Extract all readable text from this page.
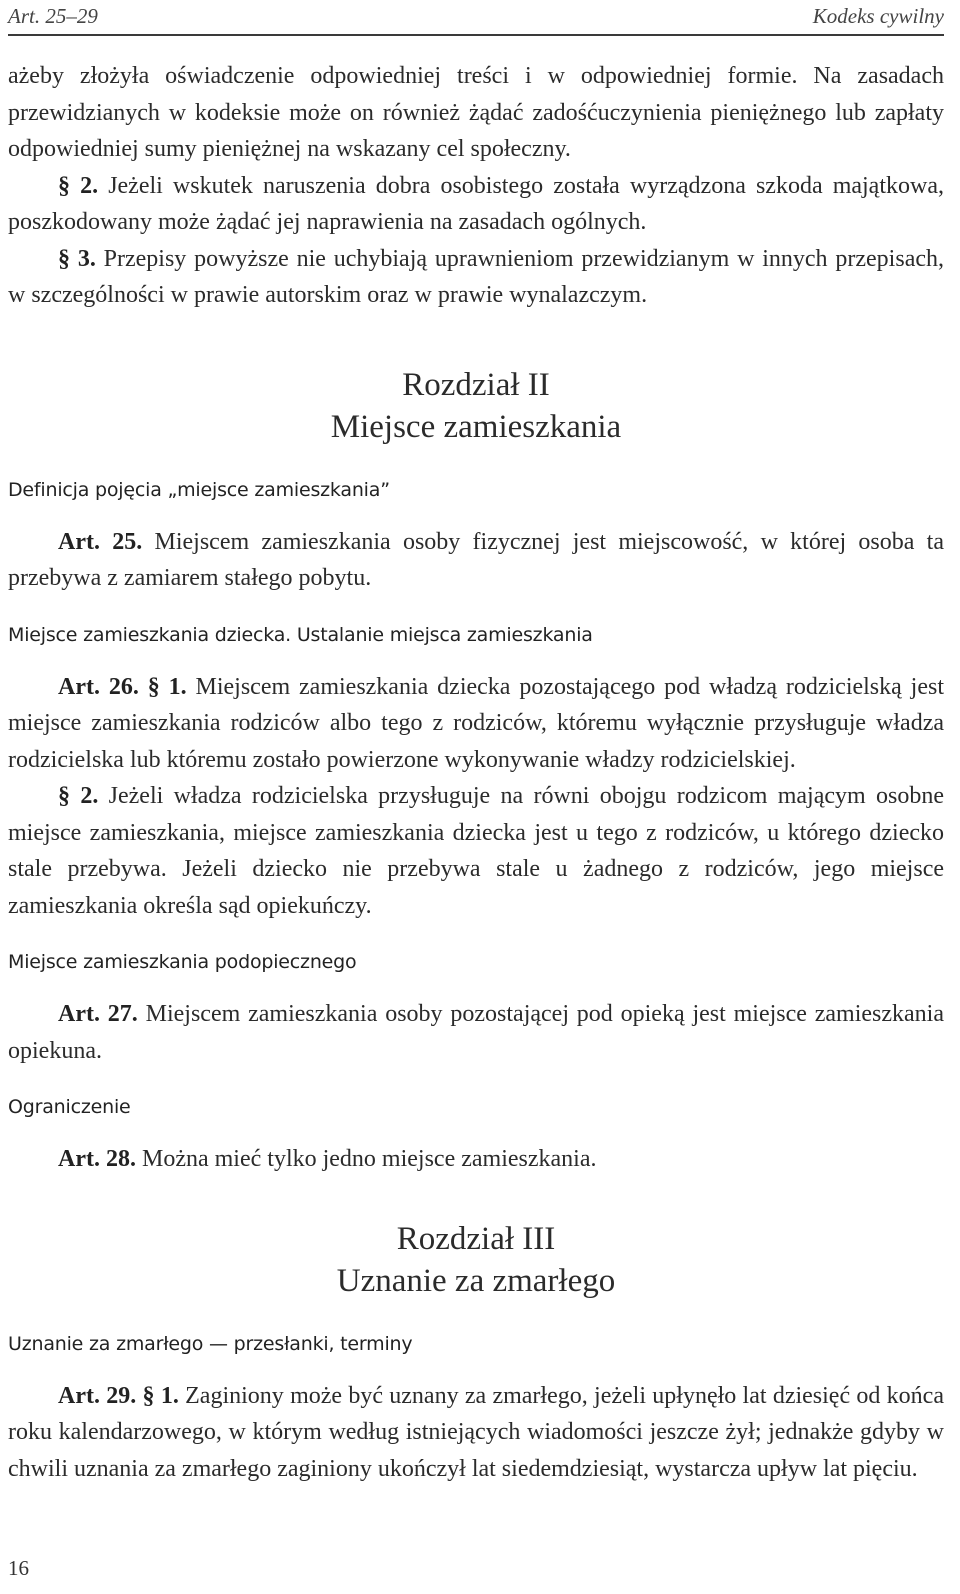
Art. 25–29	Kodeks cywilny

ażeby złożyła oświadczenie odpowiedniej treści i w odpowiedniej formie. Na zasadach przewidzianych w kodeksie może on również żądać zadośćuczynienia pieniężnego lub zapłaty odpowiedniej sumy pieniężnej na wskazany cel społeczny.

§ 2. Jeżeli wskutek naruszenia dobra osobistego została wyrządzona szkoda majątkowa, poszkodowany może żądać jej naprawienia na zasadach ogólnych.

§ 3. Przepisy powyższe nie uchybiają uprawnieniom przewidzianym w innych przepisach, w szczególności w prawie autorskim oraz w prawie wynalazczym.

Rozdział II

Miejsce zamieszkania

Definicja pojęcia „miejsce zamieszkania”

Art. 25. Miejscem zamieszkania osoby fizycznej jest miejscowość, w której osoba ta przebywa z zamiarem stałego pobytu.

Miejsce zamieszkania dziecka. Ustalanie miejsca zamieszkania

Art. 26. § 1. Miejscem zamieszkania dziecka pozostającego pod władzą rodzicielską jest miejsce zamieszkania rodziców albo tego z rodziców, któremu wyłącznie przysługuje władza rodzicielska lub któremu zostało powierzone wykonywanie władzy rodzicielskiej.

§ 2. Jeżeli władza rodzicielska przysługuje na równi obojgu rodzicom mającym osobne miejsce zamieszkania, miejsce zamieszkania dziecka jest u tego z rodziców, u którego dziecko stale przebywa. Jeżeli dziecko nie przebywa stale u żadnego z rodziców, jego miejsce zamieszkania określa sąd opiekuńczy.

Miejsce zamieszkania podopiecznego

Art. 27. Miejscem zamieszkania osoby pozostającej pod opieką jest miejsce zamieszkania opiekuna.

Ograniczenie

Art. 28. Można mieć tylko jedno miejsce zamieszkania.

Rozdział III

Uznanie za zmarłego

Uznanie za zmarłego — przesłanki, terminy

Art. 29. § 1. Zaginiony może być uznany za zmarłego, jeżeli upłynęło lat dziesięć od końca roku kalendarzowego, w którym według istniejących wiadomości jeszcze żył; jednakże gdyby w chwili uznania za zmarłego zaginiony ukończył lat siedemdziesiąt, wystarcza upływ lat pięciu.

16
